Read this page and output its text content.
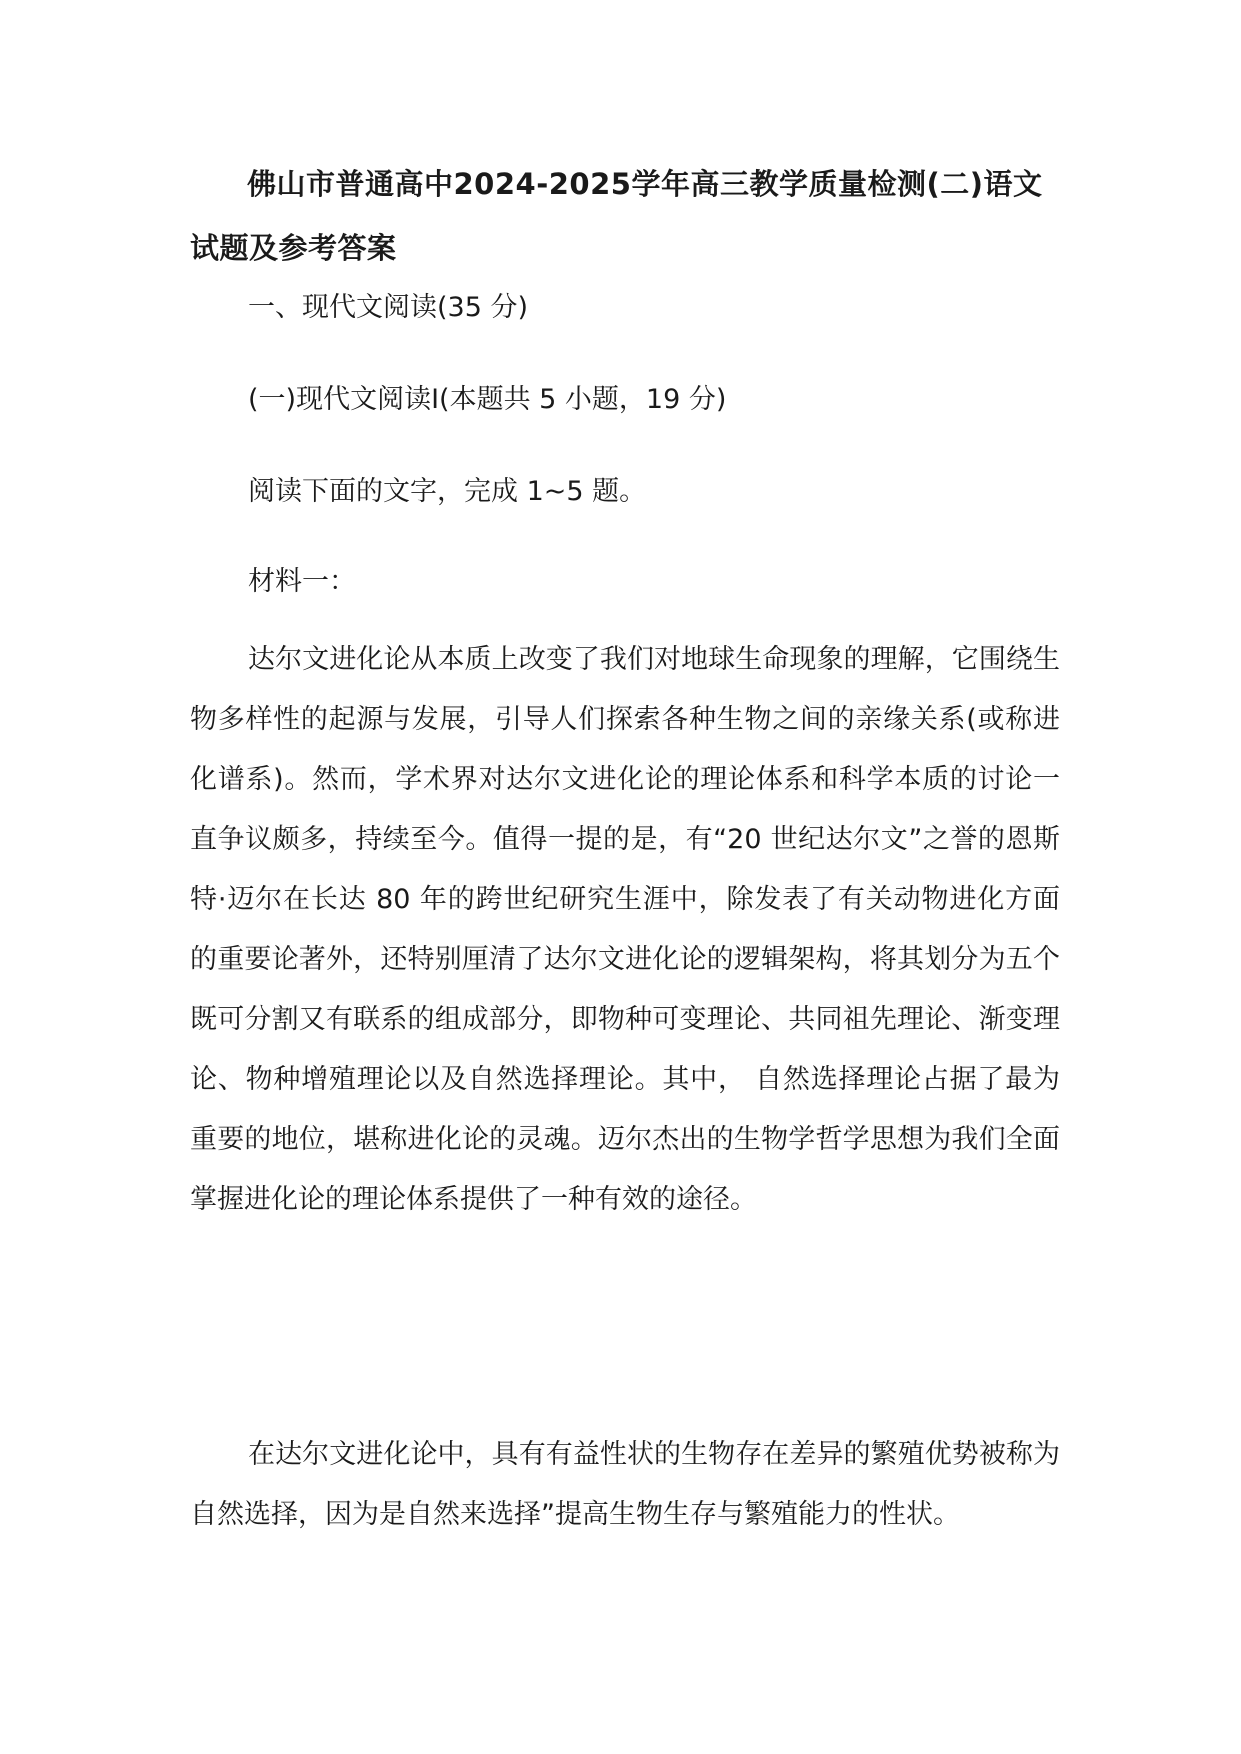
佛山市普通高中2024-2025学年高三教学质量检测(二)语文试题及参考答案

一、现代文阅读(35 分)

(一)现代文阅读Ⅰ(本题共 5 小题，19 分)

阅读下面的文字，完成 1~5 题。

材料一：

达尔文进化论从本质上改变了我们对地球生命现象的理解，它围绕生物多样性的起源与发展，引导人们探索各种生物之间的亲缘关系(或称进化谱系)。然而，学术界对达尔文进化论的理论体系和科学本质的讨论一直争议颇多，持续至今。值得一提的是，有“20 世纪达尔文”之誉的恩斯特·迈尔在长达 80 年的跨世纪研究生涯中，除发表了有关动物进化方面的重要论著外，还特别厘清了达尔文进化论的逻辑架构，将其划分为五个既可分割又有联系的组成部分，即物种可变理论、共同祖先理论、渐变理论、物种增殖理论以及自然选择理论。其中， 自然选择理论占据了最为重要的地位，堪称进化论的灵魂。迈尔杰出的生物学哲学思想为我们全面掌握进化论的理论体系提供了一种有效的途径。

在达尔文进化论中，具有有益性状的生物存在差异的繁殖优势被称为自然选择，因为是自然来选择”提高生物生存与繁殖能力的性状。
